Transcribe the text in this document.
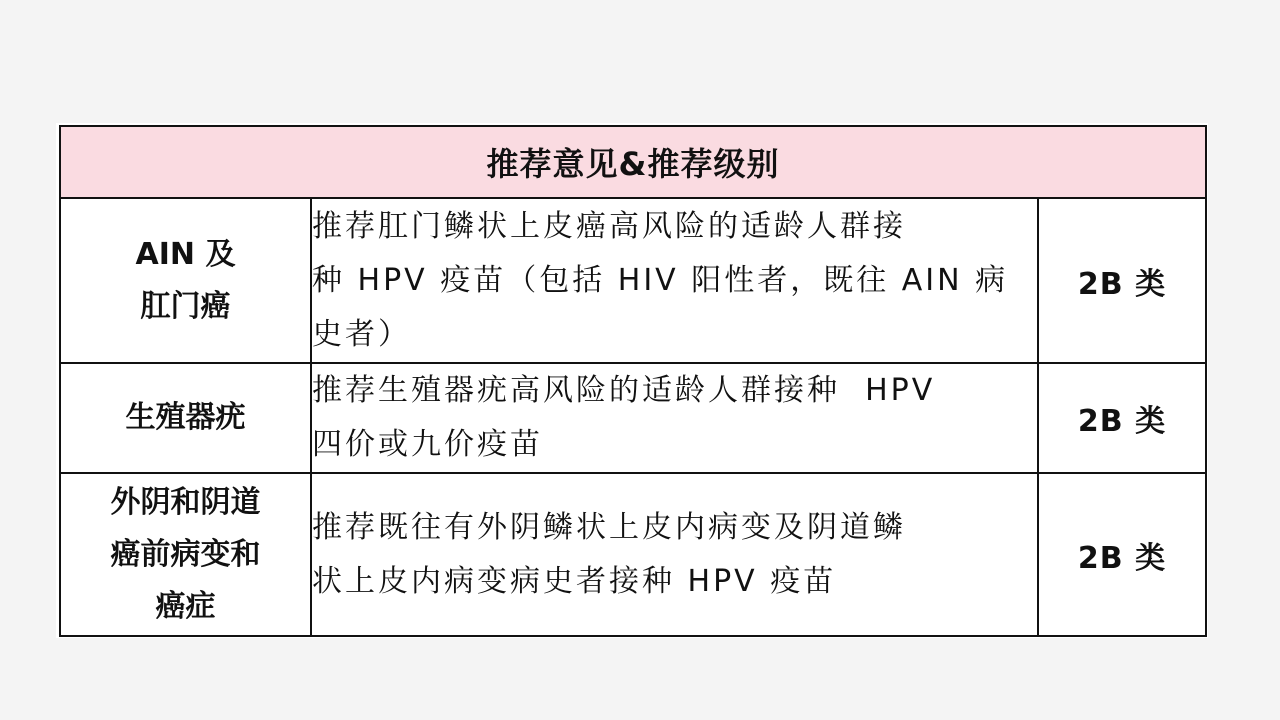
推荐意见&推荐级别		

AIN 及
肛门癌	推荐肛门鳞状上皮癌高风险的适龄人群接
种 HPV 疫苗（包括 HIV 阳性者，既往 AIN 病
史者）	2B 类

生殖器疣	推荐生殖器疣高风险的适龄人群接种  HPV
四价或九价疫苗	2B 类

外阴和阴道
癌前病变和
癌症	推荐既往有外阴鳞状上皮内病变及阴道鳞
状上皮内病变病史者接种 HPV 疫苗	2B 类
